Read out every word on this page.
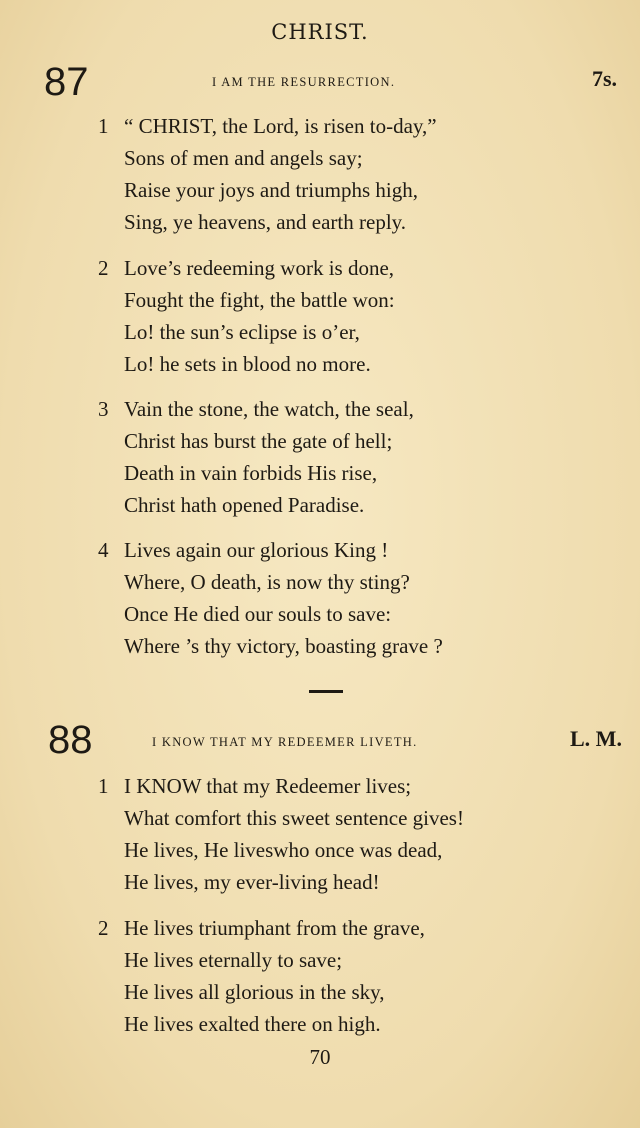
CHRIST.
87	I AM THE RESURRECTION.	7s.
1 “ CHRIST, the Lord, is risen to-day,”
Sons of men and angels say;
Raise your joys and triumphs high,
Sing, ye heavens, and earth reply.
2 Love’s redeeming work is done,
Fought the fight, the battle won:
Lo! the sun’s eclipse is o’er,
Lo! he sets in blood no more.
3 Vain the stone, the watch, the seal,
Christ has burst the gate of hell;
Death in vain forbids His rise,
Christ hath opened Paradise.
4 Lives again our glorious King !
Where, O death, is now thy sting?
Once He died our souls to save:
Where ’s thy victory, boasting grave ?
88	I KNOW THAT MY REDEEMER LIVETH.	L. M.
1 I KNOW that my Redeemer lives;
What comfort this sweet sentence gives!
He lives, He liveswho once was dead,
He lives, my ever-living head!
2 He lives triumphant from the grave,
He lives eternally to save;
He lives all glorious in the sky,
He lives exalted there on high.
70
